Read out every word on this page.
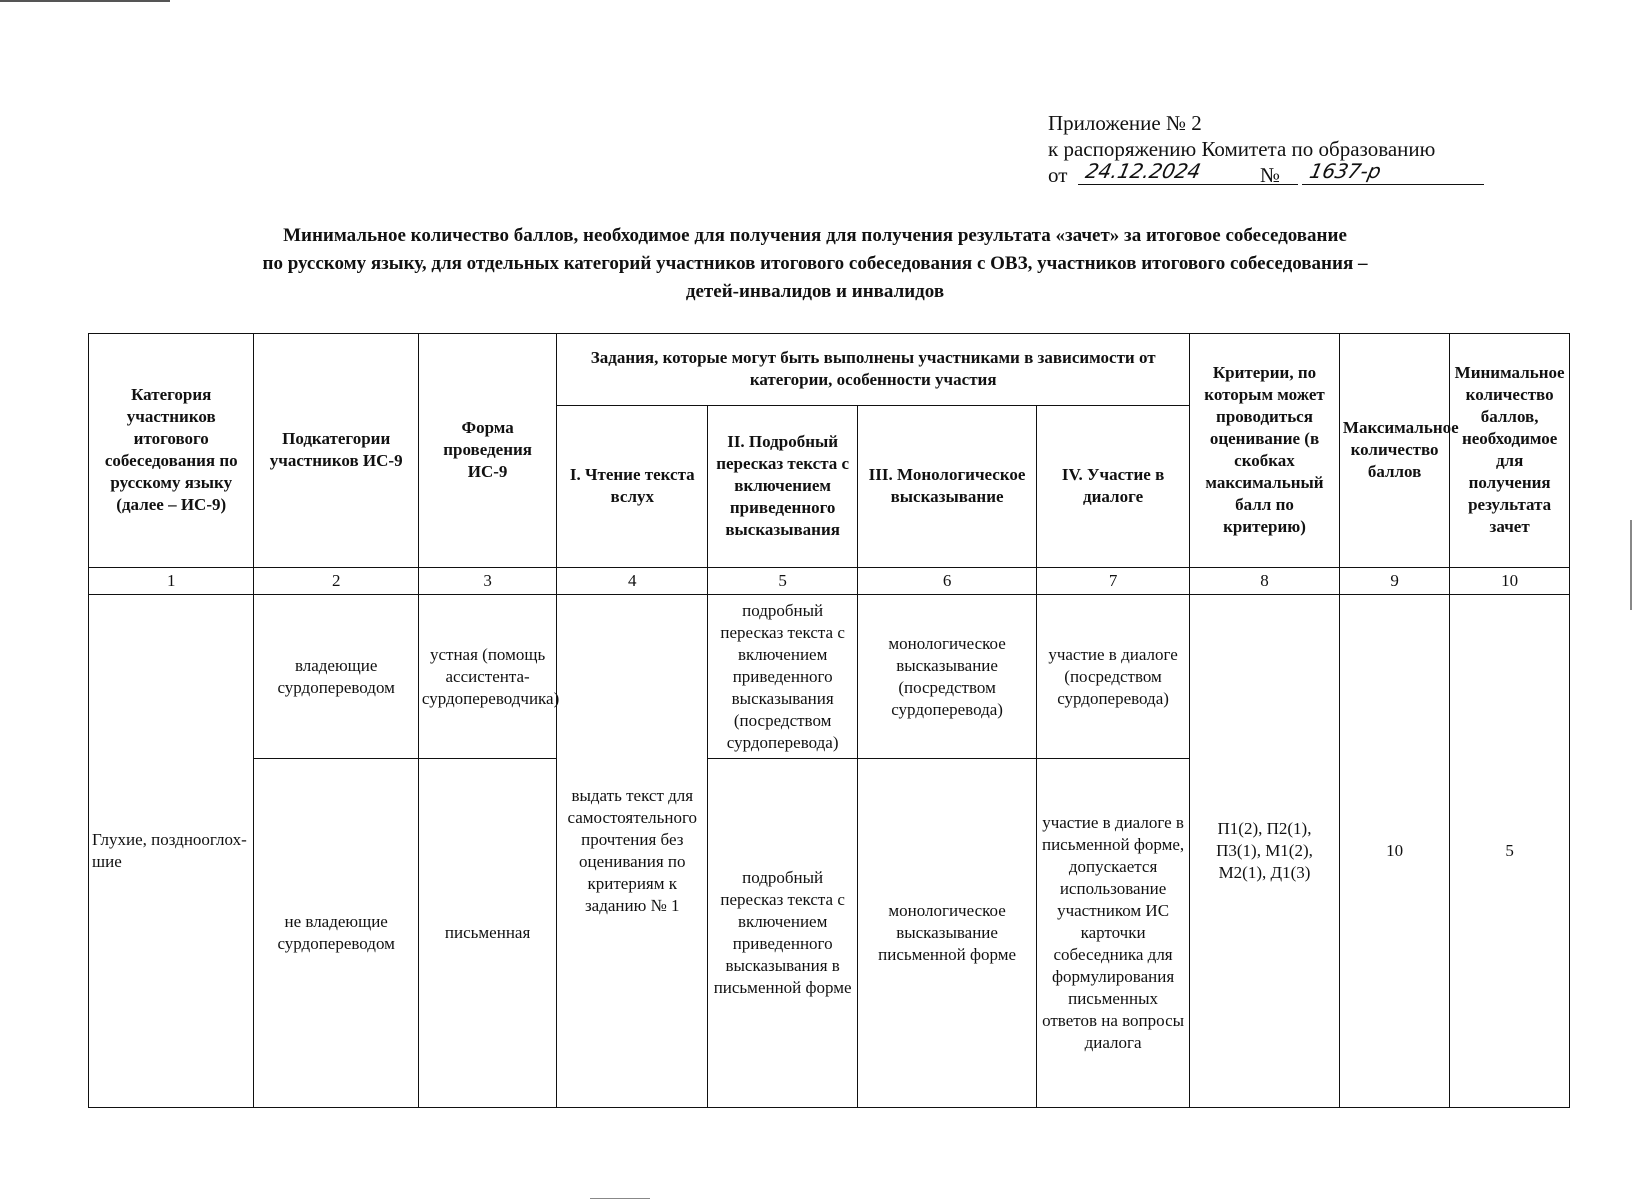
Приложение № 2
к распоряжению Комитета по образованию
от 24.12.2024	№ 1637-р
Минимальное количество баллов, необходимое для получения для получения результата «зачет» за итоговое собеседование
по русскому языку, для отдельных категорий участников итогового собеседования с ОВЗ, участников итогового собеседования –
детей-инвалидов и инвалидов
Категория участников итогового собеседования по русскому языку (далее – ИС-9)	Подкатегории участников ИС-9	Форма проведения ИС-9	Задания, которые могут быть выполнены участниками в зависимости от категории, особенности участия				Критерии, по которым может проводиться оценивание (в скобках максимальный балл по критерию)	Максимальное количество баллов	Минимальное количество баллов, необходимое для получения результата зачет
			I. Чтение текста вслух	II. Подробный пересказ текста с включением приведенного высказывания	III. Монологическое высказывание	IV. Участие в диалоге			
1	2	3	4	5	6	7	8	9	10
Глухие, позднооглох-шие	владеющие сурдопереводом	устная (помощь ассистента-сурдопереводчика)	выдать текст для самостоятельного прочтения без оценивания по критериям к заданию № 1	подробный пересказ текста с включением приведенного высказывания (посредством сурдоперевода)	монологическое высказывание (посредством сурдоперевода)	участие в диалоге (посредством сурдоперевода)	П1(2), П2(1), П3(1), М1(2), М2(1), Д1(3)	10	5
	не владеющие сурдопереводом	письменная		подробный пересказ текста с включением приведенного высказывания в письменной форме	монологическое высказывание письменной форме	участие в диалоге в письменной форме, допускается использование участником ИС карточки собеседника для формулирования письменных ответов на вопросы диалога			
